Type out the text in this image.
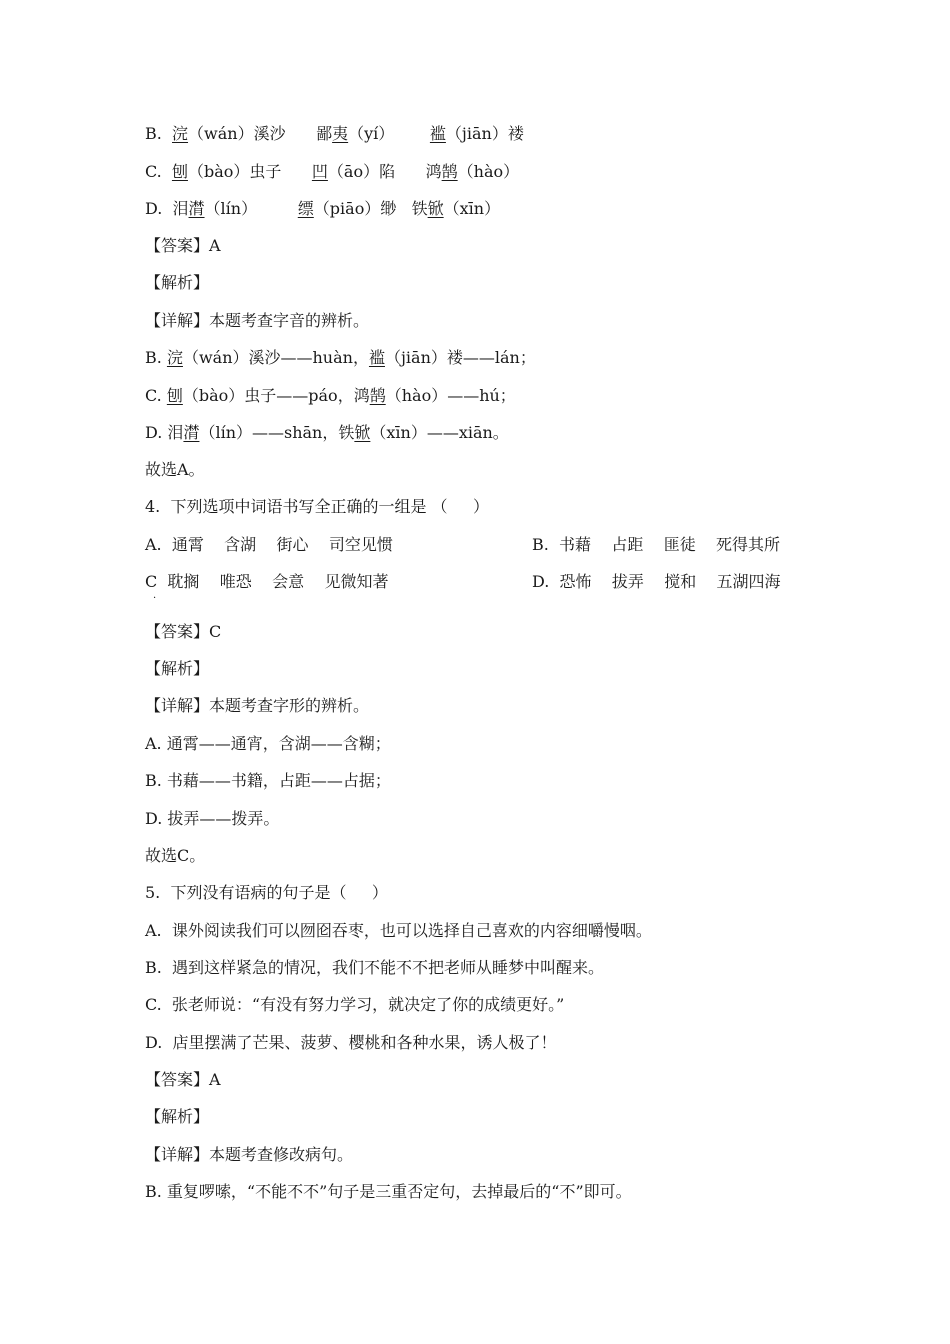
B. 浣（wán）溪沙 鄙夷（yí） 褴（jiān）褛
C. 刨（bào）虫子 凹（āo）陷 鸿鹄（hào）
D.  泪潸（lín）	缥（piāo）缈 铁锨（xīn）
【答案】A
【解析】
【详解】本题考查字音的辨析。
B. 浣（wán）溪沙——huàn，褴（jiān）褛——lán；
C. 刨（bào）虫子——páo，鸿鹄（hào）——hú；
D. 泪潸（lín）——shān，铁锨（xīn）——xiān。
故选A。
4.  下列选项中词语书写全正确的一组是 （     ）
A.  通霄    含湖    街心    司空见惯	B.  书藉    占距    匪徒    死得其所
C  耽搁    唯恐    会意    见微知著
·
D.  恐怖    拔弄    搅和    五湖四海
【答案】C
【解析】
【详解】本题考查字形的辨析。
A. 通霄——通宵，含湖——含糊；
B. 书藉——书籍，占距——占据；
D. 拔弄——拨弄。
故选C。
5.  下列没有语病的句子是（     ）
A.  课外阅读我们可以囫囵吞枣，也可以选择自己喜欢的内容细嚼慢咽。
B.  遇到这样紧急的情况，我们不能不不把老师从睡梦中叫醒来。
C.  张老师说：“有没有努力学习，就决定了你的成绩更好。”
D.  店里摆满了芒果、菠萝、樱桃和各种水果，诱人极了！
【答案】A
【解析】
【详解】本题考查修改病句。
B. 重复啰嗦，“不能不不”句子是三重否定句，去掉最后的“不”即可。
